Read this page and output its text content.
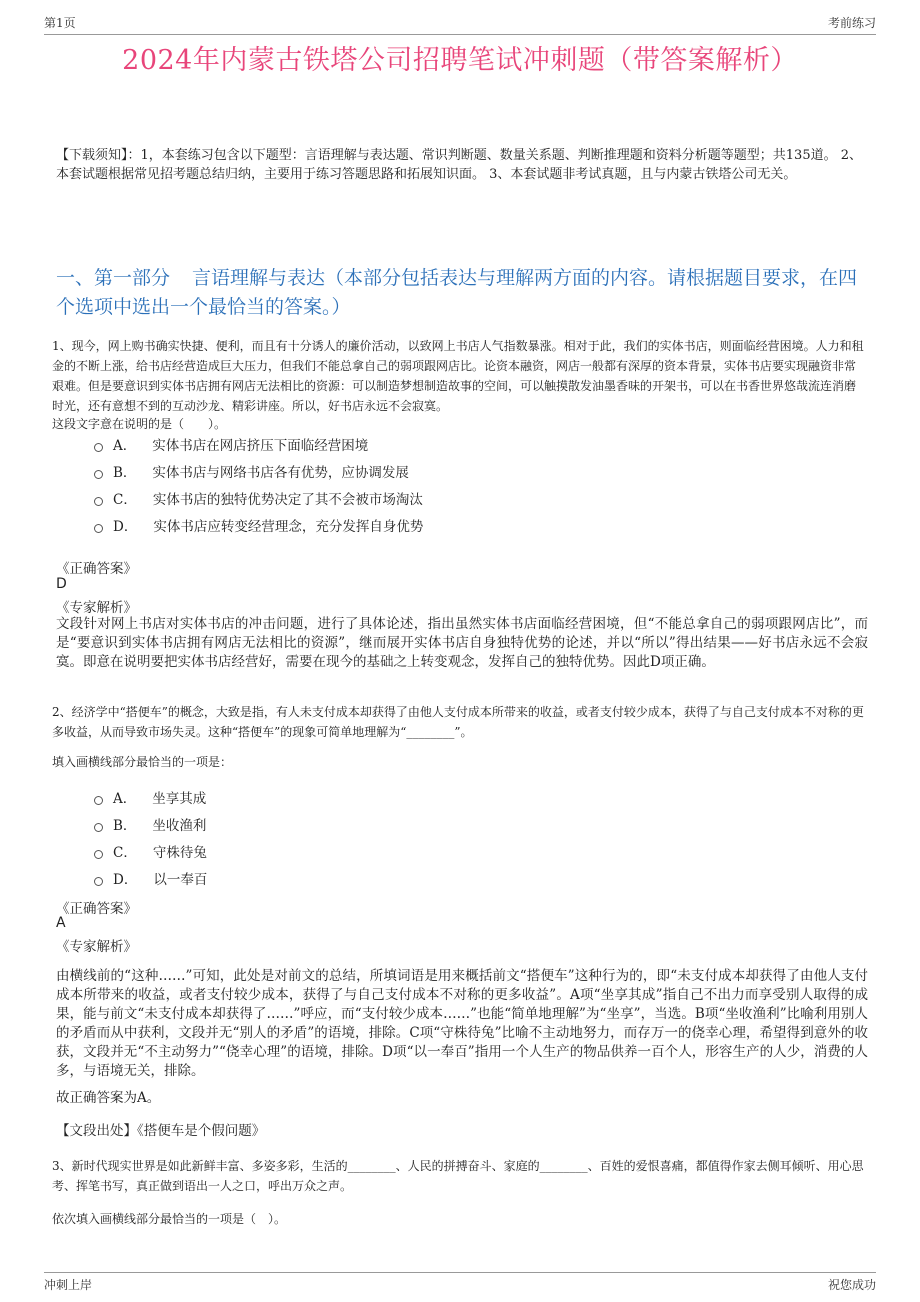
第1页	考前练习
2024年内蒙古铁塔公司招聘笔试冲刺题（带答案解析）
【下载须知】：1，本套练习包含以下题型：言语理解与表达题、常识判断题、数量关系题、判断推理题和资料分析题等题型；共135道。 2、本套试题根据常见招考题总结归纳，主要用于练习答题思路和拓展知识面。 3、本套试题非考试真题，且与内蒙古铁塔公司无关。
一、第一部分 言语理解与表达（本部分包括表达与理解两方面的内容。请根据题目要求，在四个选项中选出一个最恰当的答案。）
1、现今，网上购书确实快捷、便利，而且有十分诱人的廉价活动，以致网上书店人气指数暴涨。相对于此，我们的实体书店，则面临经营困境。人力和租金的不断上涨，给书店经营造成巨大压力，但我们不能总拿自己的弱项跟网店比。论资本融资，网店一般都有深厚的资本背景，实体书店要实现融资非常艰难。但是要意识到实体书店拥有网店无法相比的资源：可以制造梦想制造故事的空间，可以触摸散发油墨香味的开架书，可以在书香世界悠哉流连消磨时光，还有意想不到的互动沙龙、精彩讲座。所以，好书店永远不会寂寞。
这段文字意在说明的是（　　）。
A． 实体书店在网店挤压下面临经营困境
B． 实体书店与网络书店各有优势，应协调发展
C． 实体书店的独特优势决定了其不会被市场淘汰
D． 实体书店应转变经营理念，充分发挥自身优势
《正确答案》
D
《专家解析》
文段针对网上书店对实体书店的冲击问题，进行了具体论述，指出虽然实体书店面临经营困境，但“不能总拿自己的弱项跟网店比”，而是“要意识到实体书店拥有网店无法相比的资源”，继而展开实体书店自身独特优势的论述，并以“所以”得出结果——好书店永远不会寂寞。即意在说明要把实体书店经营好，需要在现今的基础之上转变观念，发挥自己的独特优势。因此D项正确。
2、经济学中“搭便车”的概念，大致是指，有人未支付成本却获得了由他人支付成本所带来的收益，或者支付较少成本，获得了与自己支付成本不对称的更多收益，从而导致市场失灵。这种“搭便车”的现象可简单地理解为“________”。
填入画横线部分最恰当的一项是：
A． 坐享其成
B． 坐收渔利
C． 守株待兔
D． 以一奉百
《正确答案》
A
《专家解析》
由横线前的“这种……”可知，此处是对前文的总结，所填词语是用来概括前文“搭便车”这种行为的，即“未支付成本却获得了由他人支付成本所带来的收益，或者支付较少成本，获得了与自己支付成本不对称的更多收益”。A项“坐享其成”指自己不出力而享受别人取得的成果，能与前文“未支付成本却获得了……”呼应，而“支付较少成本……”也能“简单地理解”为“坐享”，当选。B项“坐收渔利”比喻利用别人的矛盾而从中获利，文段并无“别人的矛盾”的语境，排除。C项“守株待兔”比喻不主动地努力，而存万一的侥幸心理，希望得到意外的收获，文段并无“不主动努力”“侥幸心理”的语境，排除。D项“以一奉百”指用一个人生产的物品供养一百个人，形容生产的人少，消费的人多，与语境无关，排除。
故正确答案为A。
【文段出处】《搭便车是个假问题》
3、新时代现实世界是如此新鲜丰富、多姿多彩，生活的________、人民的拼搏奋斗、家庭的________、百姓的爱恨喜痛，都值得作家去侧耳倾听、用心思考、挥笔书写，真正做到语出一人之口，呼出万众之声。
依次填入画横线部分最恰当的一项是（　）。
冲刺上岸	祝您成功
